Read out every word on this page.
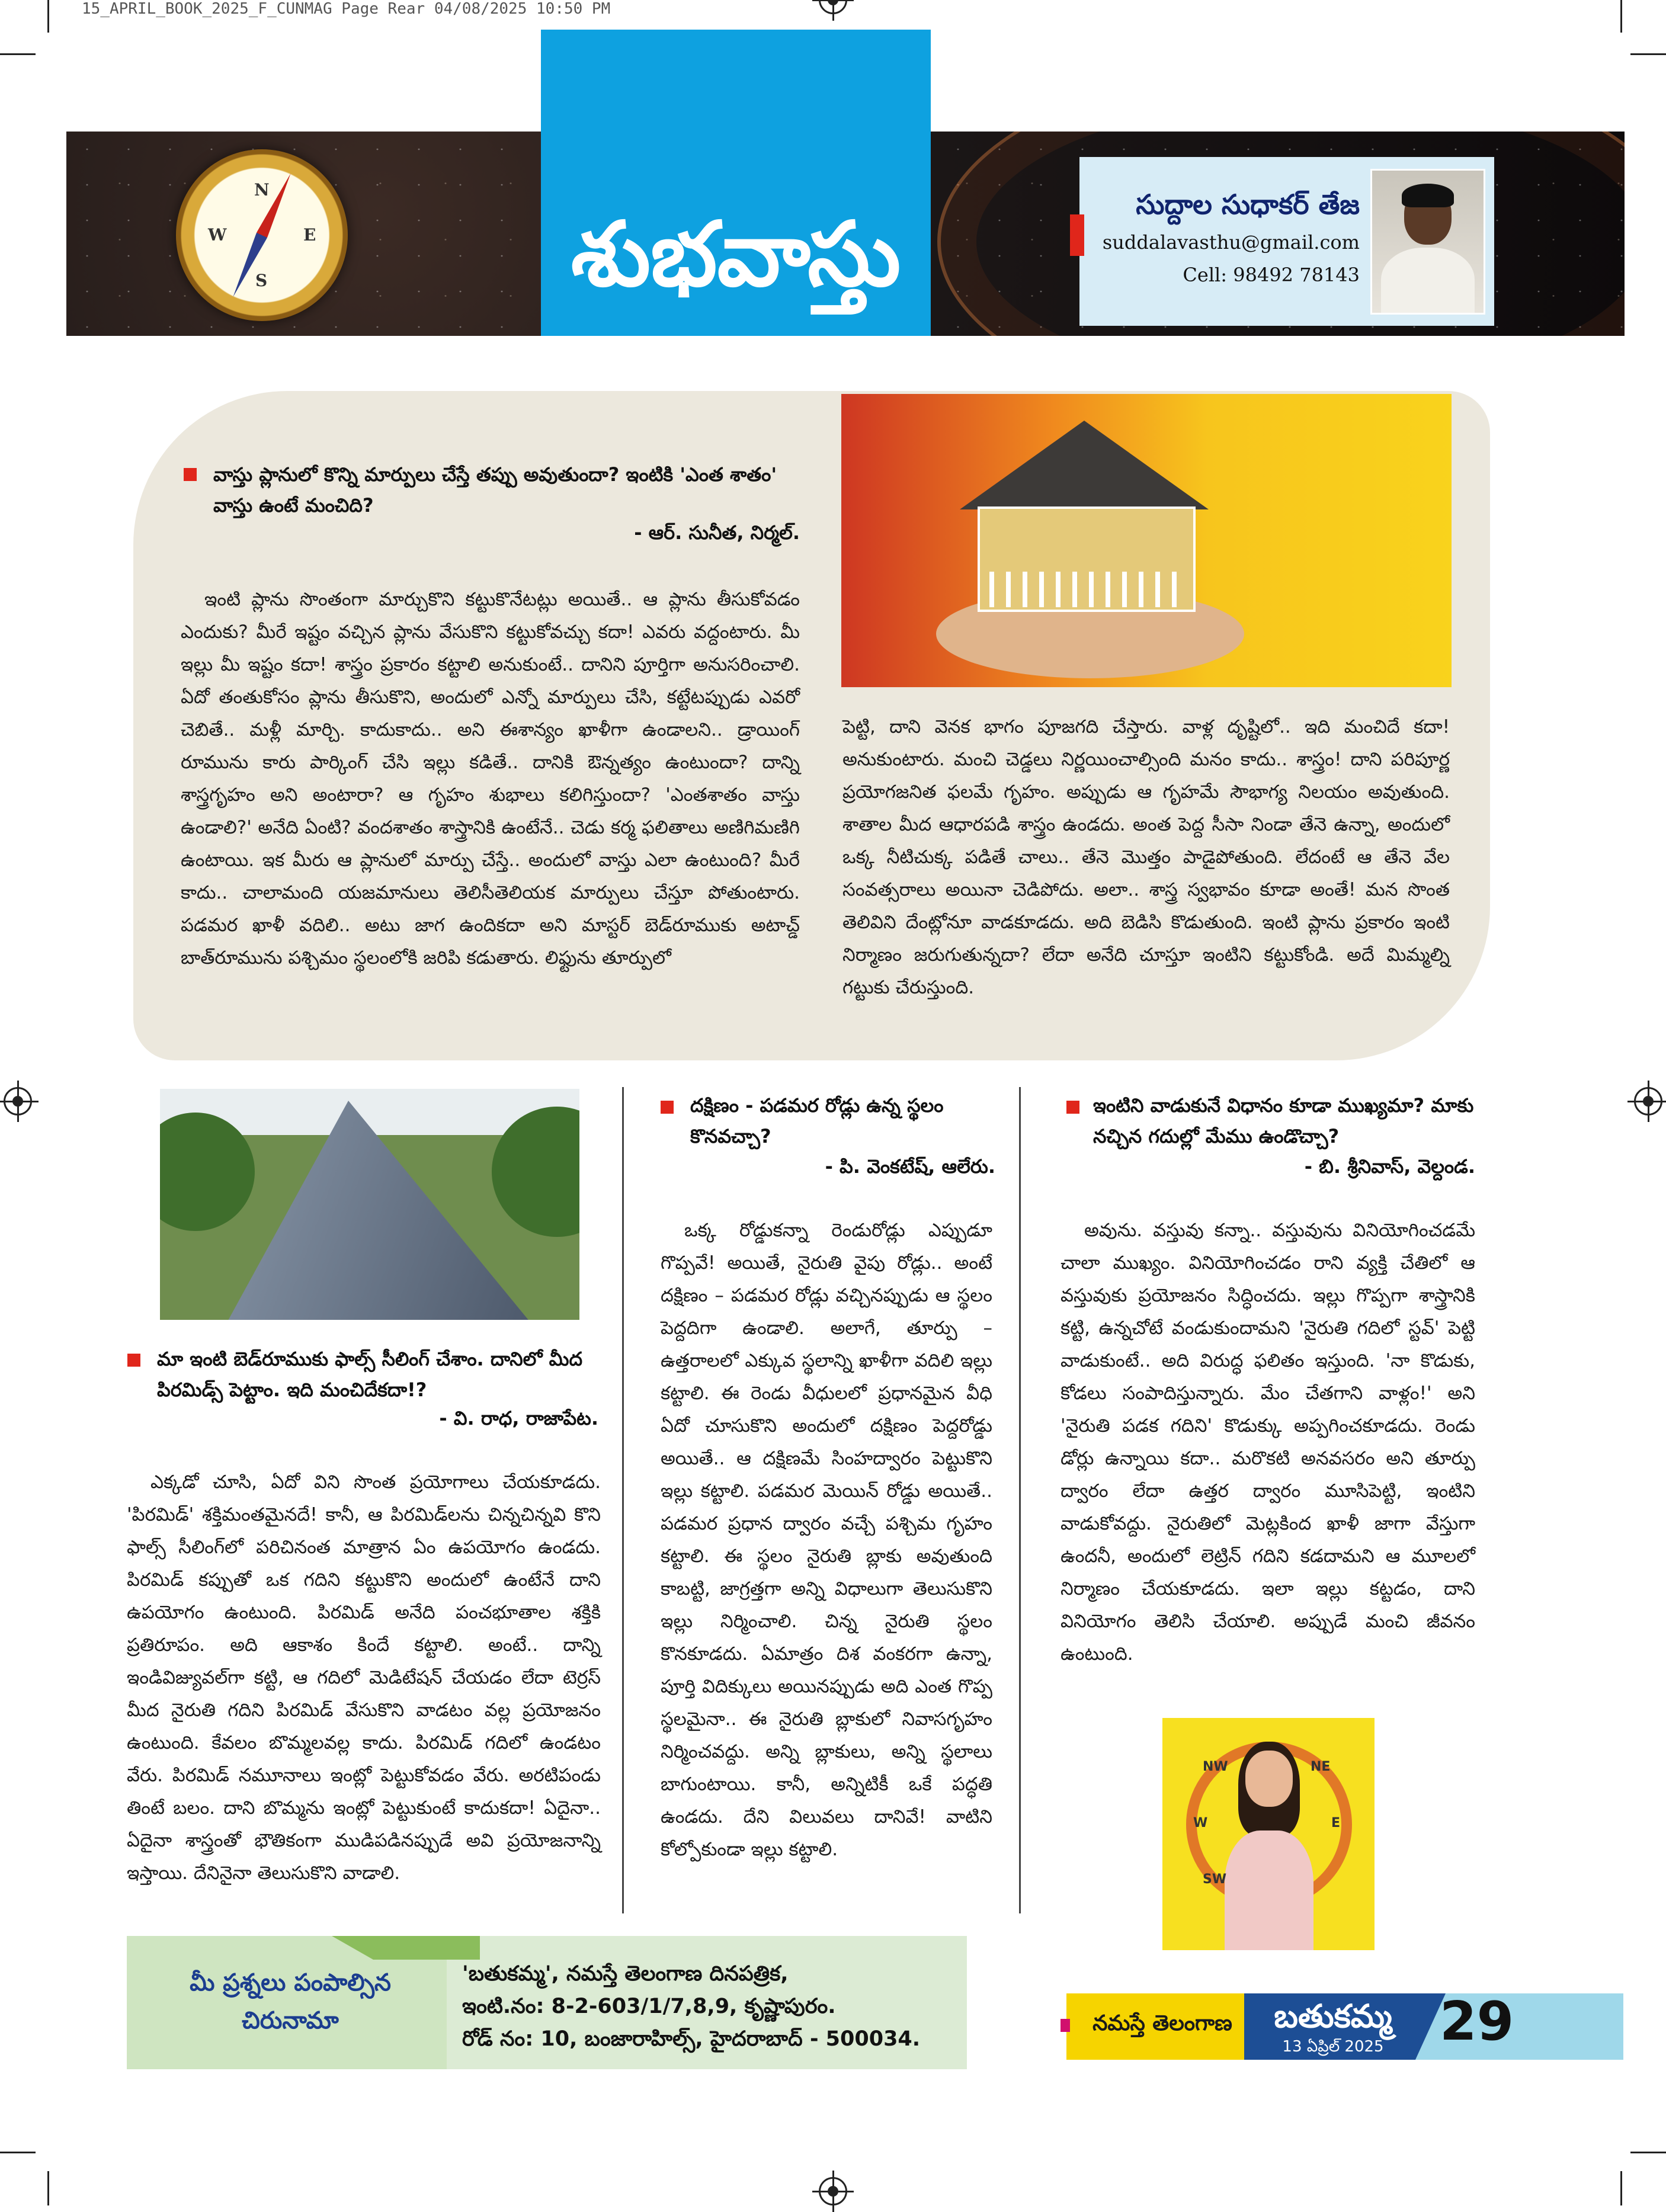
15_APRIL_BOOK_2025_F_CUNMAG Page Rear 04/08/2025 10:50 PM
N
E
S
W	శుభవాస్తు	సుద్దాల సుధాకర్ తేజ
suddalavasthu@gmail.com
Cell: 98492 78143
వాస్తు ప్లానులో కొన్ని మార్పులు చేస్తే తప్పు అవుతుందా? ఇంటికి 'ఎంత శాతం' వాస్తు ఉంటే మంచిది?
- ఆర్. సునీత, నిర్మల్.
ఇంటి ప్లాను సొంతంగా మార్చుకొని కట్టుకొనేటట్లు అయితే.. ఆ ప్లాను తీసుకోవడం ఎందుకు? మీరే ఇష్టం వచ్చిన ప్లాను వేసుకొని కట్టుకోవచ్చు కదా! ఎవరు వద్దంటారు. మీ ఇల్లు మీ ఇష్టం కదా! శాస్త్రం ప్రకారం కట్టాలి అనుకుంటే.. దానిని పూర్తిగా అనుసరించాలి. ఏదో తంతుకోసం ప్లాను తీసుకొని, అందులో ఎన్నో మార్పులు చేసి, కట్టేటప్పుడు ఎవరో చెబితే.. మళ్లీ మార్చి. కాదుకాదు.. అని ఈశాన్యం ఖాళీగా ఉండాలని.. డ్రాయింగ్ రూమును కారు పార్కింగ్ చేసి ఇల్లు కడితే.. దానికి ఔన్నత్యం ఉంటుందా? దాన్ని శాస్త్రగృహం అని అంటారా? ఆ గృహం శుభాలు కలిగిస్తుందా? 'ఎంతశాతం వాస్తు ఉండాలి?' అనేది ఏంటి? వందశాతం శాస్త్రానికి ఉంటేనే.. చెడు కర్మ ఫలితాలు అణిగిమణిగి ఉంటాయి. ఇక మీరు ఆ ప్లానులో మార్పు చేస్తే.. అందులో వాస్తు ఎలా ఉంటుంది? మీరే కాదు.. చాలామంది యజమానులు తెలిసీతెలియక మార్పులు చేస్తూ పోతుంటారు. పడమర ఖాళీ వదిలి.. అటు జాగ ఉందికదా అని మాస్టర్ బెడ్‌రూముకు అటాచ్డ్ బాత్‌రూమును పశ్చిమం స్థలంలోకి జరిపి కడుతారు. లిఫ్టును తూర్పులో
పెట్టి, దాని వెనక భాగం పూజగది చేస్తారు. వాళ్ల దృష్టిలో.. ఇది మంచిదే కదా! అనుకుంటారు. మంచి చెడ్డలు నిర్ణయించాల్సింది మనం కాదు.. శాస్త్రం! దాని పరిపూర్ణ ప్రయోగజనిత ఫలమే గృహం. అప్పుడు ఆ గృహమే సౌభాగ్య నిలయం అవుతుంది. శాతాల మీద ఆధారపడి శాస్త్రం ఉండదు. అంత పెద్ద సీసా నిండా తేనె ఉన్నా, అందులో ఒక్క నీటిచుక్క పడితే చాలు.. తేనె మొత్తం పాడైపోతుంది. లేదంటే ఆ తేనె వేల సంవత్సరాలు అయినా చెడిపోదు. అలా.. శాస్త్ర స్వభావం కూడా అంతే! మన సొంత తెలివిని దేంట్లోనూ వాడకూడదు. అది బెడిసి కొడుతుంది. ఇంటి ప్లాను ప్రకారం ఇంటి నిర్మాణం జరుగుతున్నదా? లేదా అనేది చూస్తూ ఇంటిని కట్టుకోండి. అదే మిమ్మల్ని గట్టుకు చేరుస్తుంది.
మా ఇంటి బెడ్‌రూముకు ఫాల్స్ సీలింగ్ చేశాం. దానిలో మీద పిరమిడ్స్ పెట్టాం. ఇది మంచిదేకదా!?
- వి. రాధ, రాజాపేట.
ఎక్కడో చూసి, ఏదో విని సొంత ప్రయోగాలు చేయకూడదు. 'పిరమిడ్' శక్తిమంతమైనదే! కానీ, ఆ పిరమిడ్‌లను చిన్నచిన్నవి కొని ఫాల్స్ సీలింగ్‌లో పరిచినంత మాత్రాన ఏం ఉపయోగం ఉండదు. పిరమిడ్ కప్పుతో ఒక గదిని కట్టుకొని అందులో ఉంటేనే దాని ఉపయోగం ఉంటుంది. పిరమిడ్ అనేది పంచభూతాల శక్తికి ప్రతిరూపం. అది ఆకాశం కిందే కట్టాలి. అంటే.. దాన్ని ఇండివిజ్యువల్‌గా కట్టి, ఆ గదిలో మెడిటేషన్ చేయడం లేదా టెర్రస్ మీద నైరుతి గదిని పిరమిడ్ వేసుకొని వాడటం వల్ల ప్రయోజనం ఉంటుంది. కేవలం బొమ్మలవల్ల కాదు. పిరమిడ్ గదిలో ఉండటం వేరు. పిరమిడ్ నమూనాలు ఇంట్లో పెట్టుకోవడం వేరు. అరటిపండు తింటే బలం. దాని బొమ్మను ఇంట్లో పెట్టుకుంటే కాదుకదా! ఏదైనా.. ఏదైనా శాస్త్రంతో భౌతికంగా ముడిపడినప్పుడే అవి ప్రయోజనాన్ని ఇస్తాయి. దేనినైనా తెలుసుకొని వాడాలి.
దక్షిణం - పడమర రోడ్లు ఉన్న స్థలం కొనవచ్చా?
- పి. వెంకటేష్, ఆలేరు.
ఒక్క రోడ్డుకన్నా రెండురోడ్లు ఎప్పుడూ గొప్పవే! అయితే, నైరుతి వైపు రోడ్లు.. అంటే దక్షిణం – పడమర రోడ్లు వచ్చినప్పుడు ఆ స్థలం పెద్దదిగా ఉండాలి. అలాగే, తూర్పు – ఉత్తరాలలో ఎక్కువ స్థలాన్ని ఖాళీగా వదిలి ఇల్లు కట్టాలి. ఈ రెండు వీధులలో ప్రధానమైన వీధి ఏదో చూసుకొని అందులో దక్షిణం పెద్దరోడ్డు అయితే.. ఆ దక్షిణమే సింహద్వారం పెట్టుకొని ఇల్లు కట్టాలి. పడమర మెయిన్ రోడ్డు అయితే.. పడమర ప్రధాన ద్వారం వచ్చే పశ్చిమ గృహం కట్టాలి. ఈ స్థలం నైరుతి బ్లాకు అవుతుంది కాబట్టి, జాగ్రత్తగా అన్ని విధాలుగా తెలుసుకొని ఇల్లు నిర్మించాలి. చిన్న నైరుతి స్థలం కొనకూడదు. ఏమాత్రం దిశ వంకరగా ఉన్నా, పూర్తి విదిక్కులు అయినప్పుడు అది ఎంత గొప్ప స్థలమైనా.. ఈ నైరుతి బ్లాకులో నివాసగృహం నిర్మించవద్దు. అన్ని బ్లాకులు, అన్ని స్థలాలు బాగుంటాయి. కానీ, అన్నిటికీ ఒకే పద్ధతి ఉండదు. దేని విలువలు దానివే! వాటిని కోల్పోకుండా ఇల్లు కట్టాలి.
ఇంటిని వాడుకునే విధానం కూడా ముఖ్యమా? మాకు నచ్చిన గదుల్లో మేము ఉండొచ్చా?
- బి. శ్రీనివాస్, వెల్దండ.
అవును. వస్తువు కన్నా.. వస్తువును వినియోగించడమే చాలా ముఖ్యం. వినియోగించడం రాని వ్యక్తి చేతిలో ఆ వస్తువుకు ప్రయోజనం సిద్ధించదు. ఇల్లు గొప్పగా శాస్త్రానికి కట్టి, ఉన్నచోటే వండుకుందామని 'నైరుతి గదిలో స్టవ్' పెట్టి వాడుకుంటే.. అది విరుద్ధ ఫలితం ఇస్తుంది. 'నా కొడుకు, కోడలు సంపాదిస్తున్నారు. మేం చేతగాని వాళ్లం!' అని 'నైరుతి పడక గదిని' కొడుక్కు అప్పగించకూడదు. రెండు డోర్లు ఉన్నాయి కదా.. మరొకటి అనవసరం అని తూర్పు ద్వారం లేదా ఉత్తర ద్వారం మూసిపెట్టి, ఇంటిని వాడుకోవద్దు. నైరుతిలో మెట్లకింద ఖాళీ జాగా వేస్తుగా ఉందనీ, అందులో లెట్రిన్ గదిని కడదామని ఆ మూలలో నిర్మాణం చేయకూడదు. ఇలా ఇల్లు కట్టడం, దాని వినియోగం తెలిసి చేయాలి. అప్పుడే మంచి జీవనం ఉంటుంది.
NW	NE
W	E
SW
మీ ప్రశ్నలు పంపాల్సిన చిరునామా
'బతుకమ్మ', నమస్తే తెలంగాణ దినపత్రిక,
ఇంటి.నం: 8-2-603/1/7,8,9, కృష్ణాపురం.
రోడ్ నం: 10, బంజారాహిల్స్, హైదరాబాద్ - 500034.
నమస్తే తెలంగాణ	బతుకమ్మ
13 ఏప్రిల్ 2025	29
